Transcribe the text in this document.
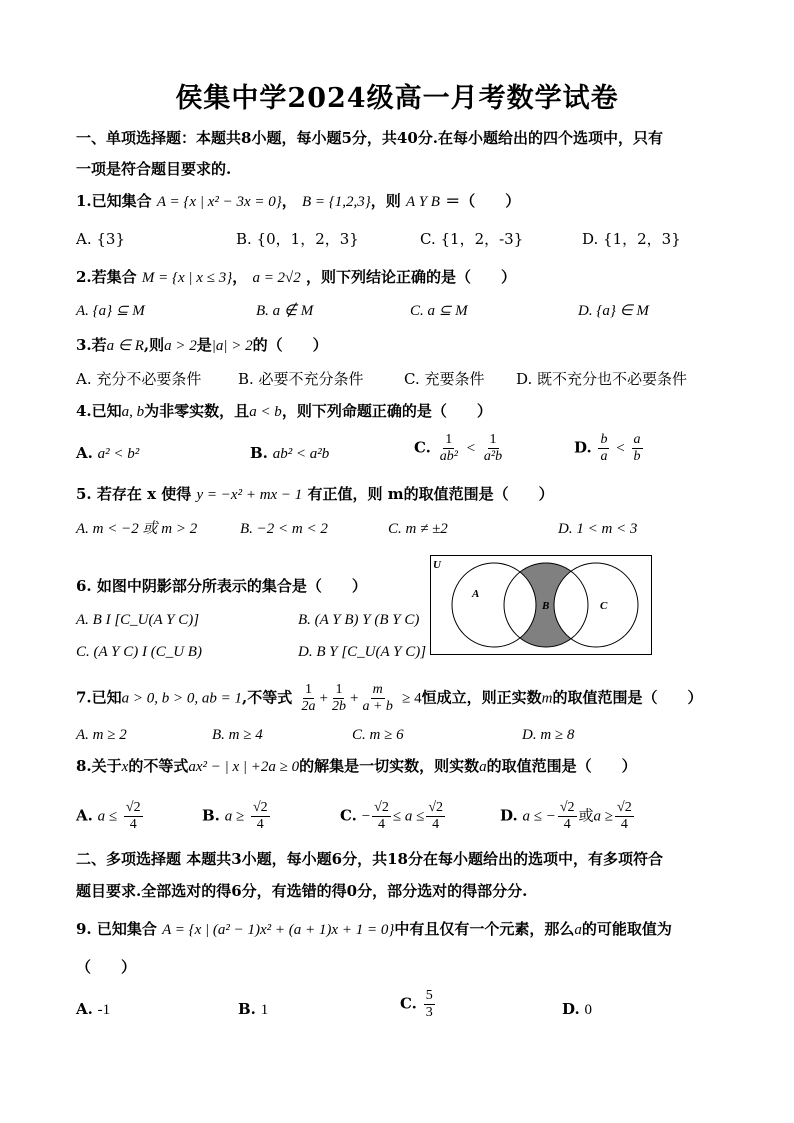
侯集中学2024级高一月考数学试卷
一、单项选择题：本题共8小题，每小题5分，共40分.在每小题给出的四个选项中，只有
一项是符合题目要求的.
1.已知集合 A = {x | x² − 3x = 0}， B = {1,2,3}，则 A Y B ＝（　　）
A. {3}	B. {0，1，2，3}	C. {1，2，-3}	D. {1，2，3}
2.若集合 M = {x | x ≤ 3}， a = 2√2 ，则下列结论正确的是（　　）
A. {a} ⊆ M	B. a ∉ M	C. a ⊆ M	D. {a} ∈ M
3.若a ∈ R,则a > 2是|a| > 2的（　　）
A. 充分不必要条件 B. 必要不充分条件	C. 充要条件 D. 既不充分也不必要条件
4.已知a, b为非零实数，且a < b，则下列命题正确的是（　　）
A. a² < b²	B. ab² < a²b	C. $\frac{1}{\text{ab²}} < \frac{1}{\text{a²b}}$	D. $\frac{b}{a} < \frac{a}{b}$
5. 若存在 x 使得 y = −x² + mx − 1 有正值，则 m的取值范围是（　　）
A. m < −2 或 m > 2	B. −2 < m < 2	C. m ≠ ±2	D. 1 < m < 3
6. 如图中阴影部分所表示的集合是（　　）
A. B I [C_U(A Y C)]	B. (A Y B) Y (B Y C)
C. (A Y C) I (C_U B)	D. B Y [C_U(A Y C)]
U
A
B	C
7.已知a > 0, b > 0, ab = 1,不等式 $\frac{1}{2a} + \frac{1}{2b} + \frac{m}{a + b} \ge 4$恒成立，则正实数m的取值范围是（　　）
A. m ≥ 2	B. m ≥ 4	C. m ≥ 6	D. m ≥ 8
8.关于x的不等式ax² − | x | +2a ≥ 0的解集是一切实数，则实数a的取值范围是（　　）
A. $a \le \frac{√2}{4}$	B. $a \ge \frac{√2}{4}$	C. − $\frac{√2}{4} \le a \le \frac{√2}{4}$	D. a ≤ − $\frac{√2}{4}$ 或$a \ge \frac{√2}{4}$
二、多项选择题 本题共3小题，每小题6分，共18分在每小题给出的选项中，有多项符合
题目要求.全部选对的得6分，有选错的得0分，部分选对的得部分分.
9. 已知集合 A = {x | (a² − 1)x² + (a + 1)x + 1 = 0}中有且仅有一个元素，那么a的可能取值为
（　　）
A. -1	B. 1	C. $\frac{5}{3}$	D. 0
